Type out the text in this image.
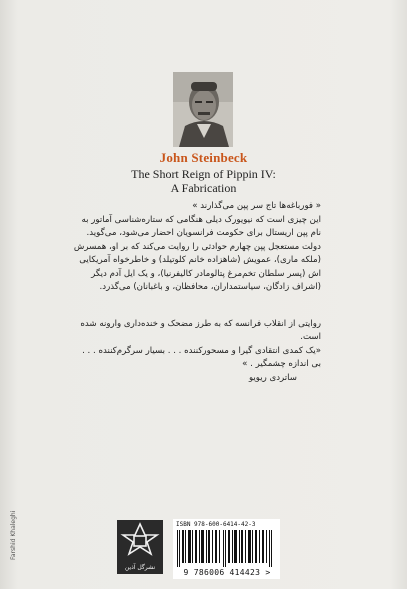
John Steinbeck
The Short Reign of Pippin IV:
A Fabrication
« فورباغه‌ها تاج سر پپن می‌گذارند »
این چیزی است که نیویورک دیلی هنگامی که ستاره‌شناسی آماتور به نام پپن اریستال برای حکومت فرانسویان احضار می‌شود، می‌گوید. دولت مستعجل پپن چهارم حوادثی را روایت می‌کند که بر او، همسرش (ملکه ماری)، عمویش (شاهزاده خانم کلوتیلد) و خاطرخواه آمریکایی اش (پسر سلطان تخم‌مرغ پتالومادر کالیفرنیا)، و یک ایل آدم دیگر (اشراف زادگان، سیاستمداران، محافظان، و باغبانان) می‌گذرد.
روایتی از انقلاب فرانسه که به طرز مضحک و خنده‌داری وارونه شده است.
«یک کمدی انتقادی گیرا و مسحورکننده . . . بسیار سرگرم‌کننده . . . بی اندازه چشمگیر . »
ساتردی ریویو
Farshid Khaleghi
نشرگل آذین
ISBN 978-600-6414-42-3
9 786006 414423 >
